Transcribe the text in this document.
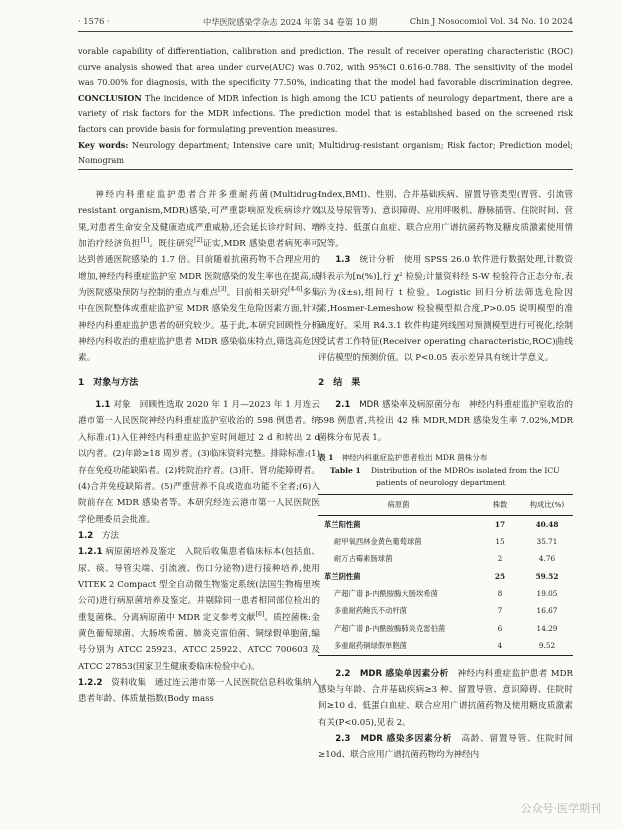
· 1576 ·	中华医院感染学杂志 2024 年第 34 卷第 10 期	Chin J Nosocomiol Vol. 34 No. 10 2024
vorable capability of differentiation, calibration and prediction. The result of receiver operating characteristic (ROC) curve analysis showed that area under curve(AUC) was 0.702, with 95%CI 0.616-0.788. The sensitivity of the model was 70.00% for diagnosis, with the specificity 77.50%, indicating that the model had favorable discrimination degree. CONCLUSION The incidence of MDR infection is high among the ICU patients of neurology department, there are a variety of risk factors for the MDR infections. The prediction model that is established based on the screened risk factors can provide basis for formulating prevention measures.
Key words: Neurology department; Intensive care unit; Multidrug-resistant organism; Risk factor; Prediction model; Nomogram

神经内科重症监护患者合并多重耐药菌(Multidrug-resistant organism,MDR)感染,可严重影响原发疾病诊疗效果,对患者生命安全及健康造成严重威胁,还会延长诊疗时间、增加治疗经济负担[1]。既往研究[2]证实,MDR 感染患者病死率可达到普通医院感染的 1.7 倍。目前随着抗菌药物不合理应用的增加,神经内科重症监护室 MDR 医院感染的发生率也在提高,成为医院感染预防与控制的重点与难点[3]。目前相关研究[4-6]多集中在医院整体或重症监护室 MDR 感染发生危险因素方面,针对神经内科重症监护患者的研究较少。基于此,本研究回顾性分析神经内科收治的重症监护患者 MDR 感染临床特点,筛选高危因素。

1　对象与方法

1.1 对象　 回顾性选取 2020 年 1 月—2023 年 1 月连云港市第一人民医院神经内科重症监护室收治的 598 例患者。纳入标准:(1)入住神经内科重症监护室时间超过 2 d 和转出 2 d 以内者。(2)年龄≥18 周岁者。(3)临床资料完整。排除标准:(1)存在免疫功能缺陷者。(2)转院治疗者。(3)肝、肾功能障碍者。(4)合并免疫缺陷者。(5)严重营养不良或造血功能不全者;(6)入院前存在 MDR 感染者等。本研究经连云港市第一人民医院医学伦理委员会批准。

1.2　 方法

1.2.1 病原菌培养及鉴定　 入院后收集患者临床标本(包括血、尿、痰、导管尖端、引流液、伤口分泌物)进行接种培养,使用 VITEK 2 Compact 型全自动微生物鉴定系统(法国生物梅里埃公司)进行病原菌培养及鉴定。并剔除同一患者相同部位检出的重复菌株。分离病原菌中 MDR 定义参考文献[6]。质控菌株:金黄色葡萄球菌、大肠埃希菌、肺炎克雷伯菌、铜绿假单胞菌,编号分别为 ATCC 25923、ATCC 25922、ATCC 700603 及 ATCC 27853(国家卫生健康委临床检验中心)。

1.2.2　 资料收集　 通过连云港市第一人民医院信息科收集纳入患者年龄、体质量指数(Body mass

Index,BMI)、性别、合并基础疾病、留置导管类型(胃管、引流管以及导尿管等)、意识障碍、应用呼吸机、静脉插管、住院时间、营养支持、低蛋白血症、联合应用广谱抗菌药物及糖皮质激素使用情况等。

1.3　 统计分析　 使用 SPSS 26.0 软件进行数据处理,计数资料表示为[n(%)],行 χ² 检验;计量资料经 S-W 检验符合正态分布,表示为(x̄±s),组间行 t 检验。Logistic 回归分析法筛选危险因素,Hosmer-Lemeshow 检验模型拟合度,P>0.05 说明模型的准确度好。采用 R4.3.1 软件构建列线图对预测模型进行可视化,绘制受试者工作特征(Receiver operating characteristic,ROC)曲线评估模型的预测价值。以 P<0.05 表示差异具有统计学意义。

2　结　果

2.1　 MDR 感染率及病原菌分布　 神经内科重症监护室收治的 598 例患者,共检出 42 株 MDR,MDR 感染发生率 7.02%,MDR 菌株分布见表 1。

表 1 神经内科重症监护患者检出 MDR 菌株分布

Table 1 Distribution of the MDROs isolated from the ICU
patients of neurology department

病原菌	株数	构成比(%)
革兰阳性菌	17	40.48
耐甲氧西林金黄色葡萄球菌	15	35.71
耐万古霉素肠球菌	2	4.76
革兰阴性菌	25	59.52
产超广谱 β-内酰胺酶大肠埃希菌	8	19.05
多重耐药鲍氏不动杆菌	7	16.67
产超广谱 β-内酰胺酶肺炎克雷伯菌	6	14.29
多重耐药铜绿假单胞菌	4	9.52

2.2　 MDR 感染单因素分析　 神经内科重症监护患者 MDR 感染与年龄、合并基础疾病≥3 种、留置导管、意识障碍、住院时间≥10 d、低蛋白血症、联合应用广谱抗菌药物及使用糖皮质激素有关(P<0.05),见表 2。

2.3　 MDR 感染多因素分析　 高龄、留置导管、住院时间≥10d、联合应用广谱抗菌药物均为神经内

公众号·医学期刊
